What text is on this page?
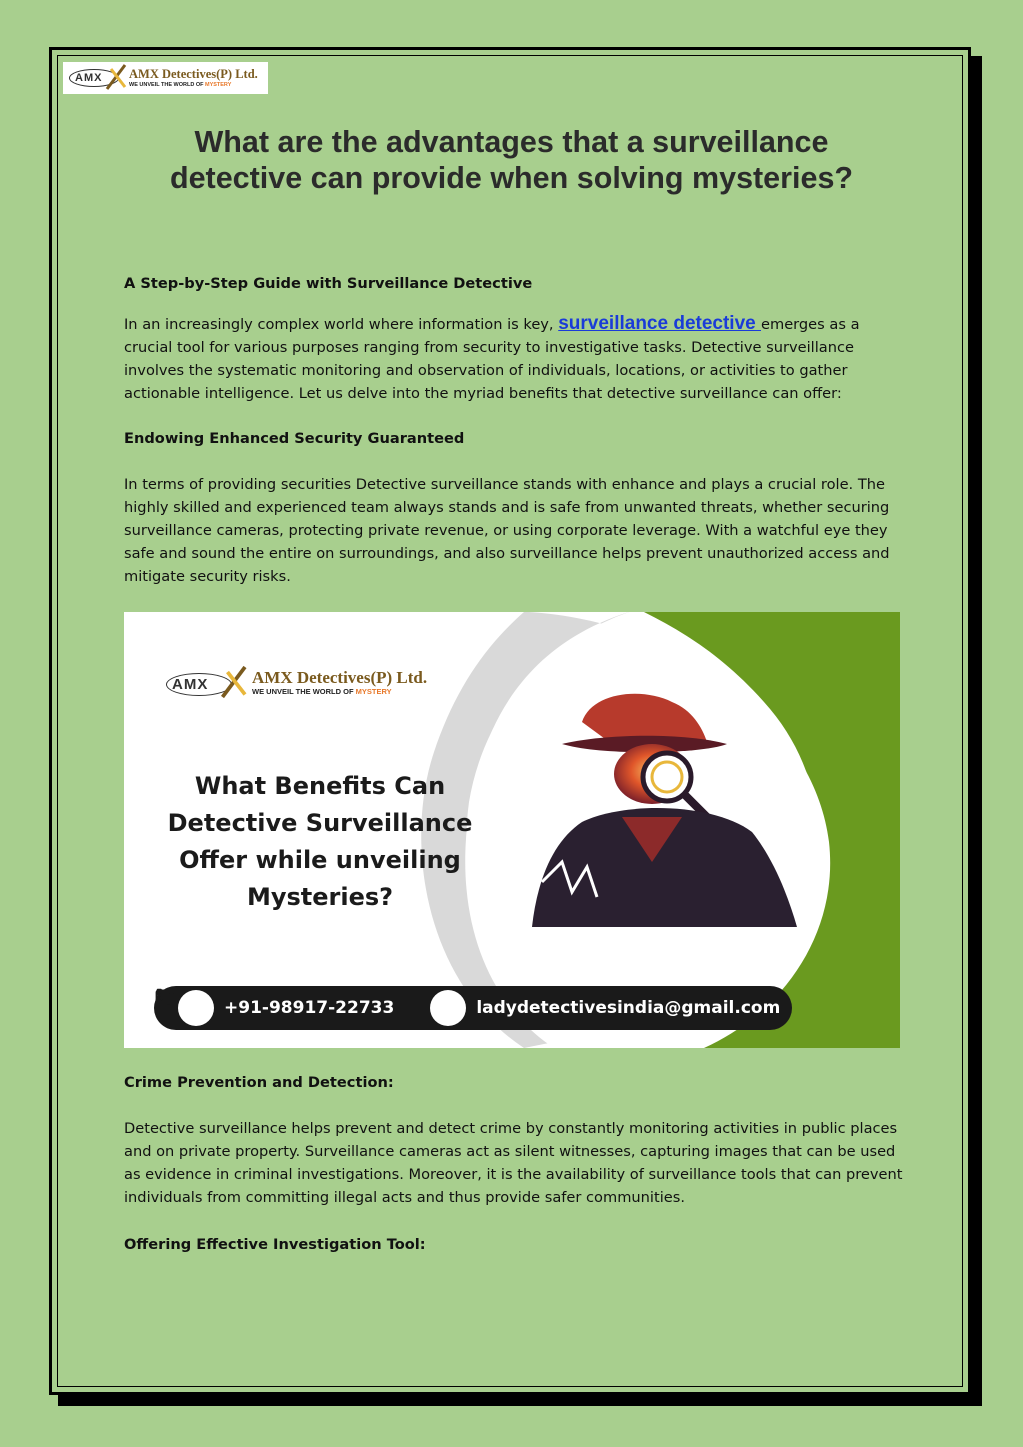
AMX	AMX Detectives(P) Ltd.
WE UNVEIL THE WORLD OF MYSTERY
What are the advantages that a surveillance
detective can provide when solving mysteries?

A Step-by-Step Guide with Surveillance Detective

In an increasingly complex world where information is key, surveillance detective emerges as a crucial tool for various purposes ranging from security to investigative tasks. Detective surveillance involves the systematic monitoring and observation of individuals, locations, or activities to gather actionable intelligence. Let us delve into the myriad benefits that detective surveillance can offer:

Endowing Enhanced Security Guaranteed

In terms of providing securities Detective surveillance stands with enhance and plays a crucial role. The highly skilled and experienced team always stands and is safe from unwanted threats, whether securing surveillance cameras, protecting private revenue, or using corporate leverage. With a watchful eye they safe and sound the entire on surroundings, and also surveillance helps prevent unauthorized access and mitigate security risks.

AMX	AMX Detectives(P) Ltd.
WE UNVEIL THE WORLD OF MYSTERY
What Benefits Can
Detective Surveillance
Offer while unveiling
Mysteries?
+91-98917-22733	ladydetectivesindia@gmail.com

Crime Prevention and Detection:

Detective surveillance helps prevent and detect crime by constantly monitoring activities in public places and on private property. Surveillance cameras act as silent witnesses, capturing images that can be used as evidence in criminal investigations. Moreover, it is the availability of surveillance tools that can prevent individuals from committing illegal acts and thus provide safer communities.

Offering Effective Investigation Tool:
